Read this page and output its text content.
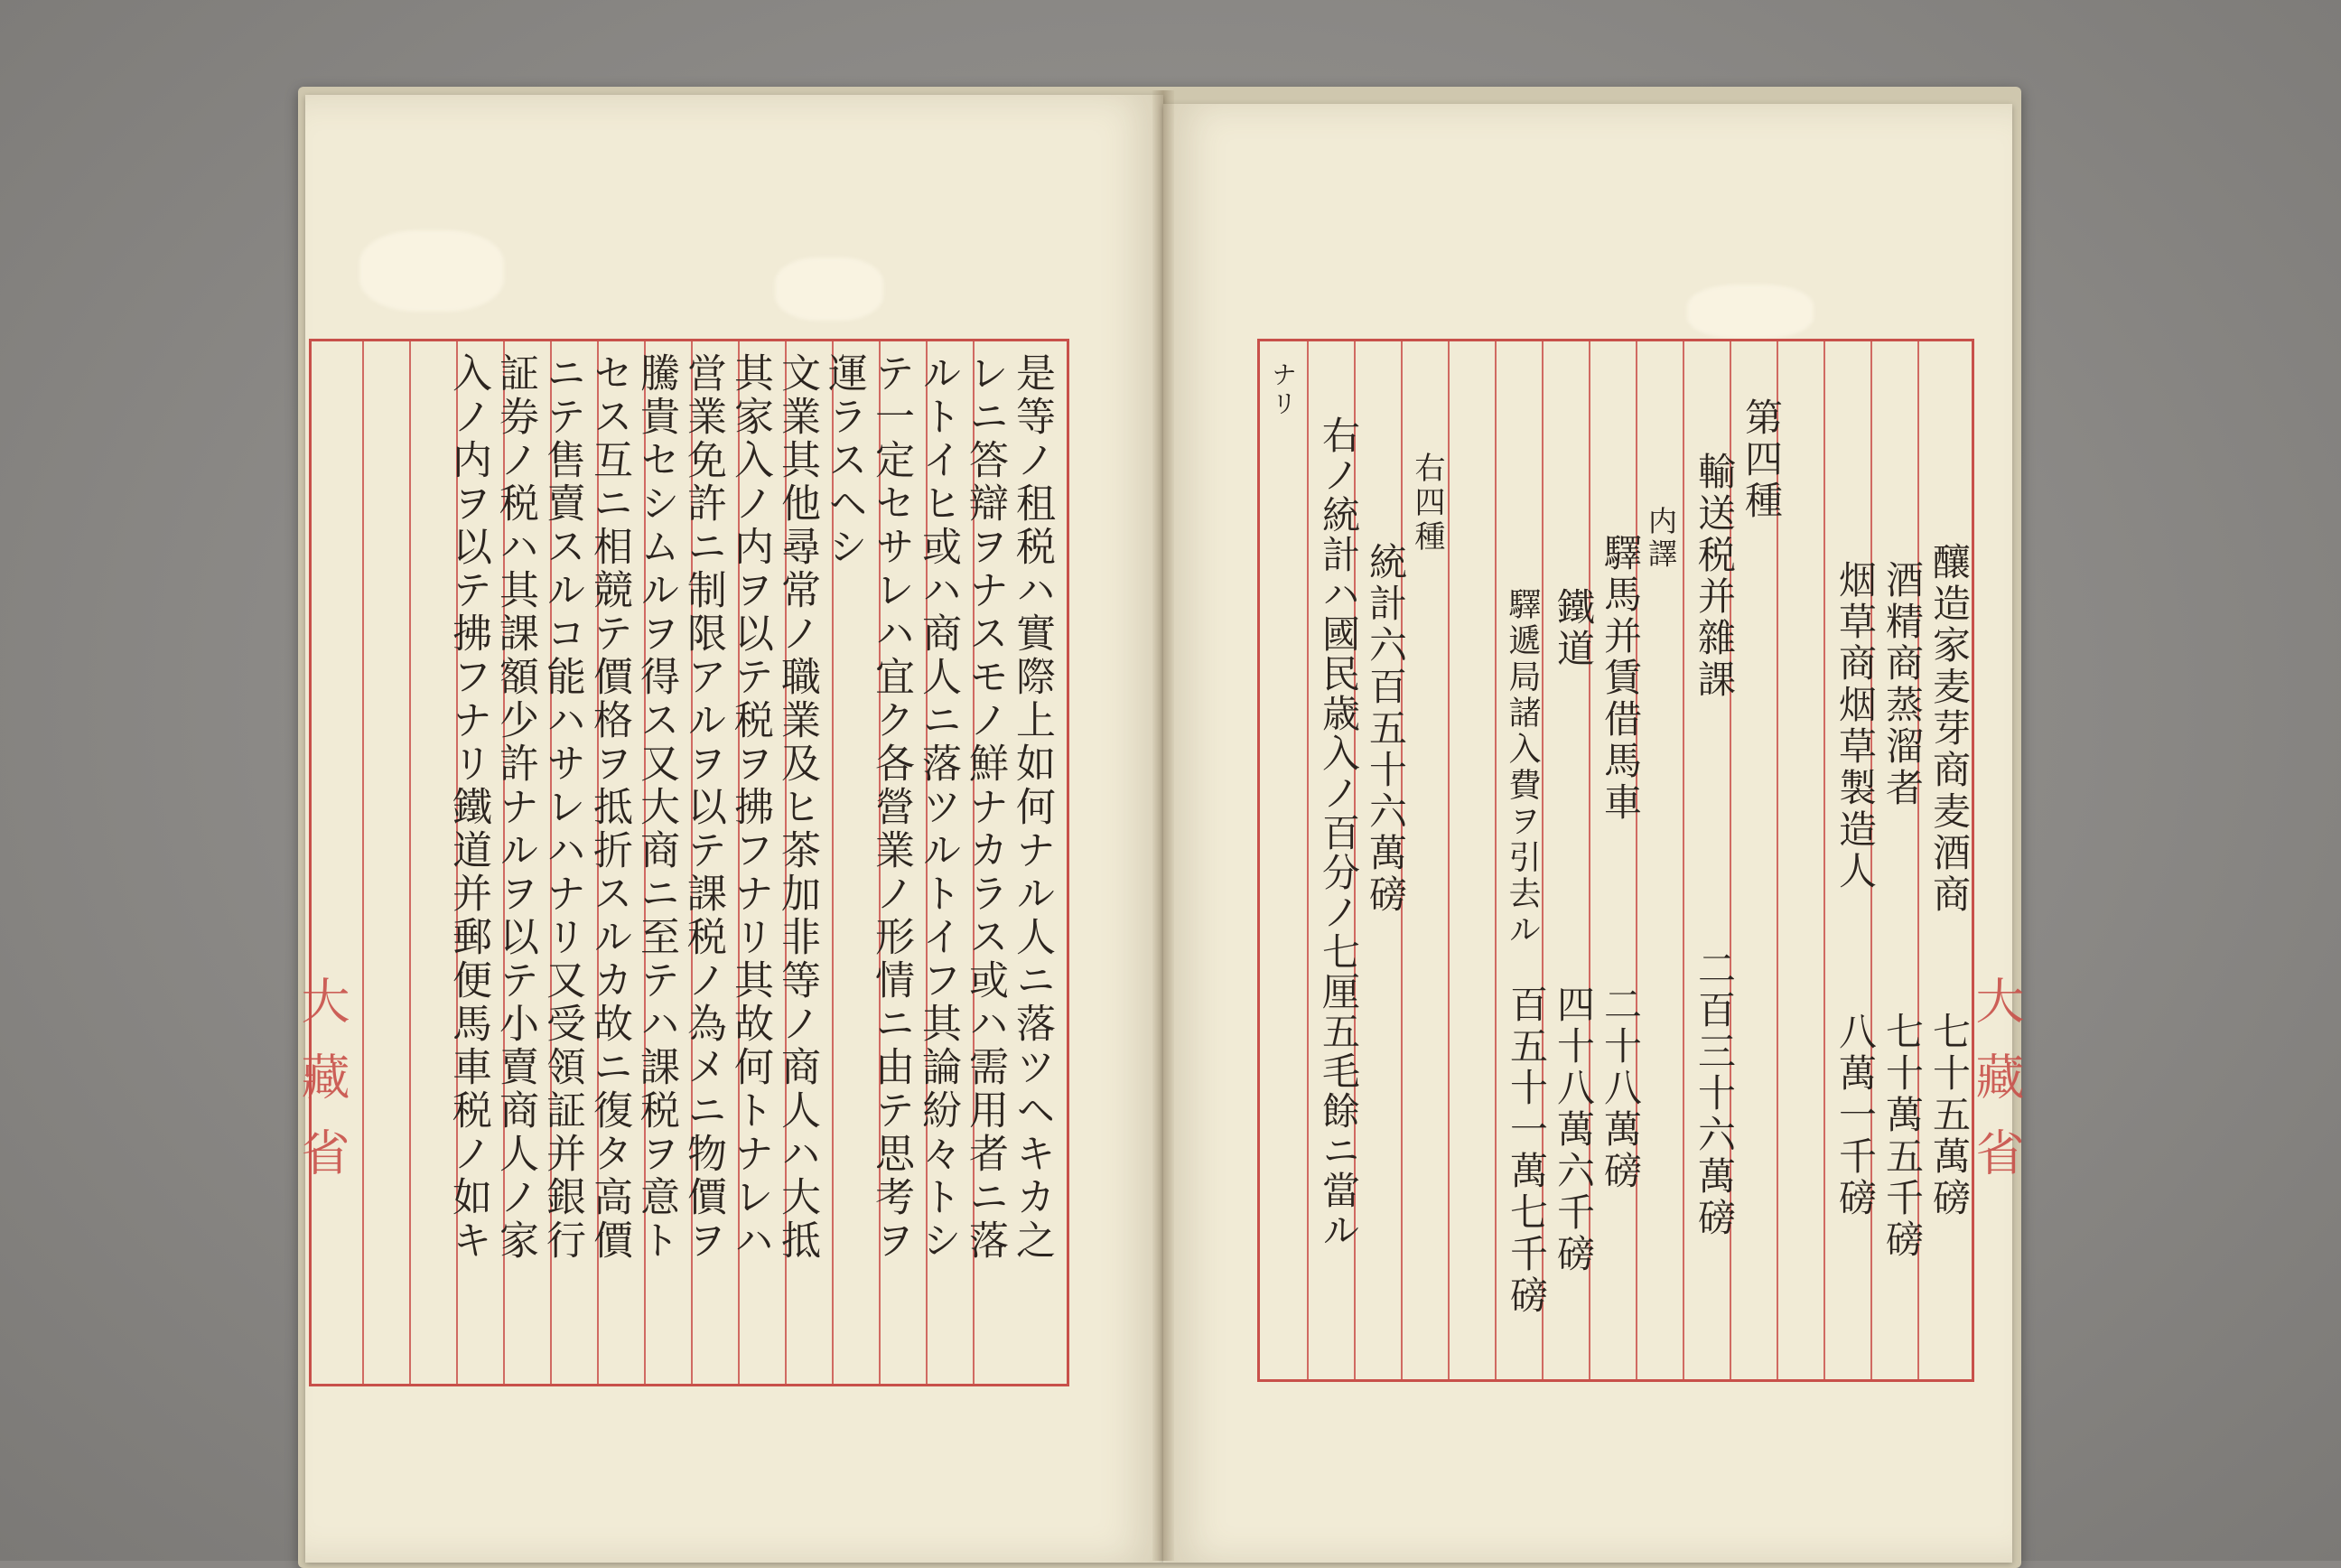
大藏省	是等ノ租税ハ實際上如何ナル人ニ落ツヘキカ之
レニ答辯ヲナスモノ鮮ナカラス或ハ需用者ニ落
ルトイヒ或ハ商人ニ落ツルトイフ其論紛々トシ
テ一定セサレハ宜ク各營業ノ形情ニ由テ思考ヲ
運ラスヘシ
文業其他尋常ノ職業及ヒ茶加非等ノ商人ハ大抵
其家入ノ内ヲ以テ税ヲ拂フナリ其故何トナレハ
営業免許ニ制限アルヲ以テ課税ノ為メニ物價ヲ
騰貴セシムルヲ得ス又大商ニ至テハ課税ヲ意ト
セス互ニ相競テ價格ヲ抵折スルカ故ニ復タ高價
ニテ售賣スルコ能ハサレハナリ又受領証并銀行
証券ノ税ハ其課額少許ナルヲ以テ小賣商人ノ家
入ノ内ヲ以テ拂フナリ鐵道并郵便馬車税ノ如キ	大藏省
釀造家麦芽商麦酒商
七十五萬磅
酒精商蒸溜者
七十萬五千磅
烟草商烟草製造人
八萬一千磅
第四種
輸送税并雜課
二百三十六萬磅
内譯
驛馬并賃借馬車
二十八萬磅
鐵道
四十八萬六千磅
驛遞局諸入費ヲ引去ル
百五十一萬七千磅
右四種
統計六百五十六萬磅
右ノ統計ハ國民歳入ノ百分ノ七厘五毛餘ニ當ル
ナリ
